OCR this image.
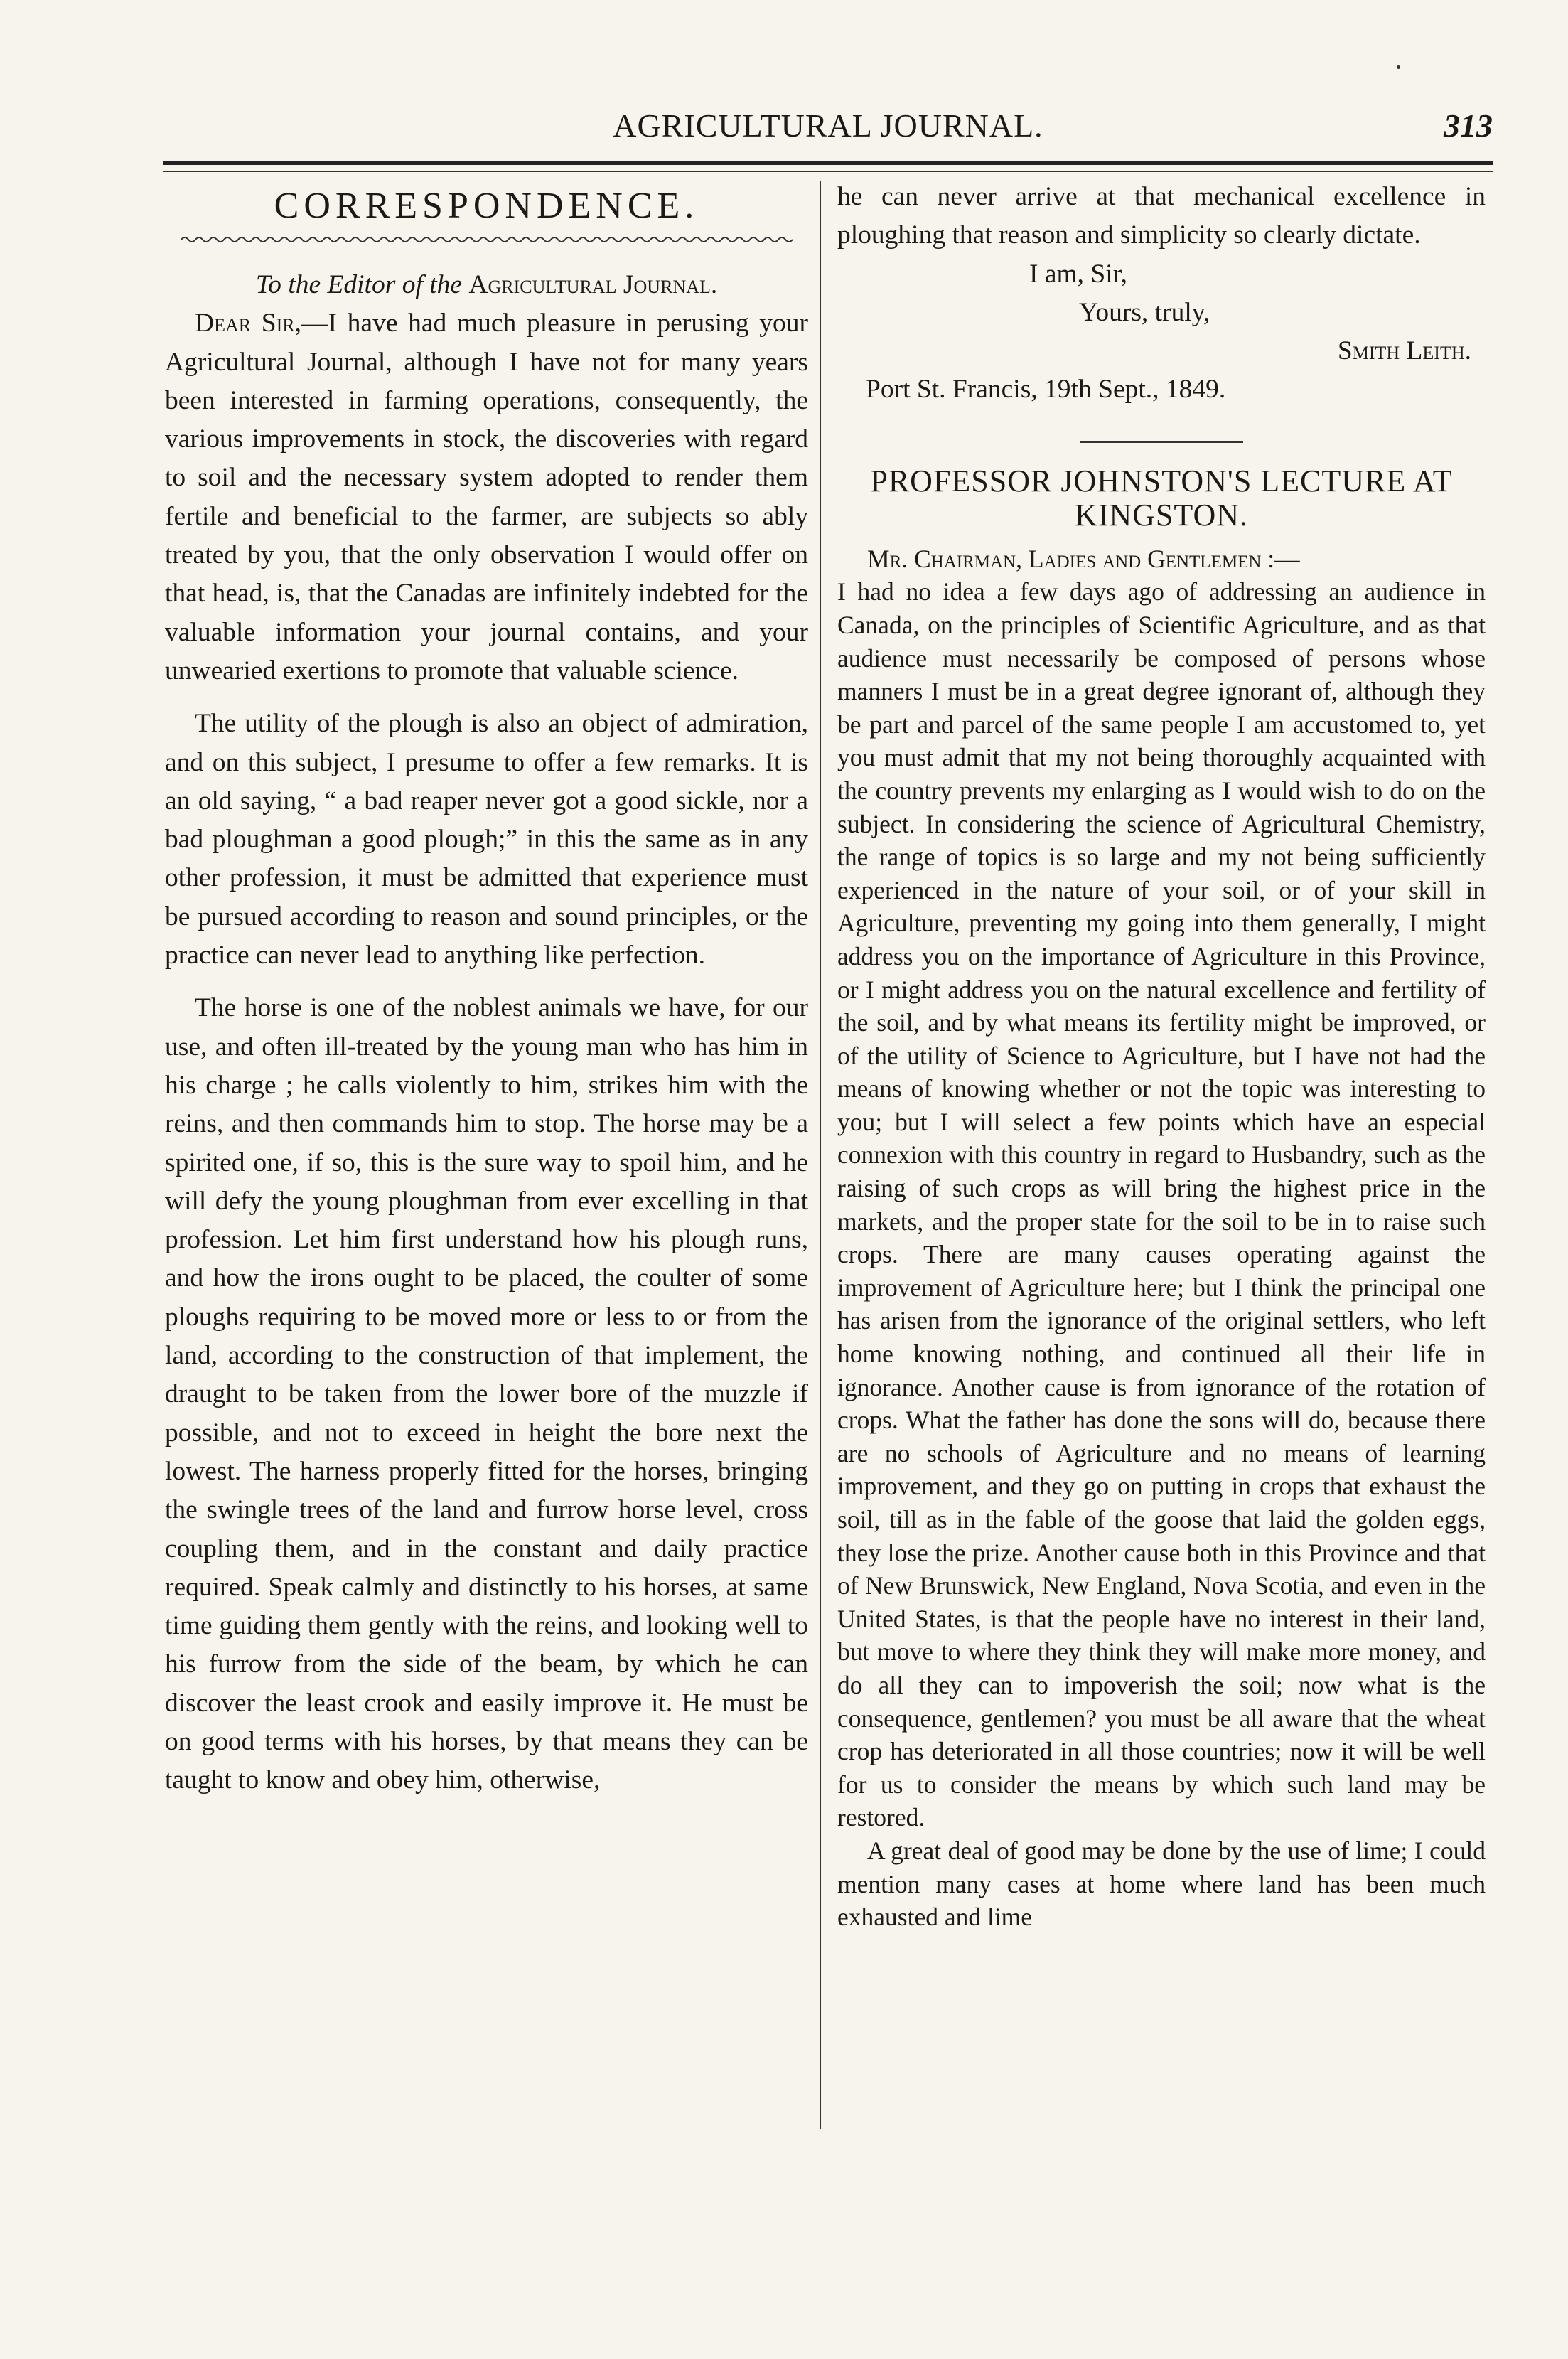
AGRICULTURAL JOURNAL.	313
CORRESPONDENCE.

To the Editor of the Agricultural Journal.

Dear Sir,—I have had much pleasure in perusing your Agricultural Journal, although I have not for many years been interested in farming operations, consequently, the various improvements in stock, the discoveries with regard to soil and the necessary system adopted to render them fertile and beneficial to the farmer, are subjects so ably treated by you, that the only observation I would offer on that head, is, that the Canadas are infinitely indebted for the valuable information your journal contains, and your unwearied exertions to promote that valuable science.

The utility of the plough is also an object of admiration, and on this subject, I presume to offer a few remarks. It is an old saying, “ a bad reaper never got a good sickle, nor a bad ploughman a good plough;” in this the same as in any other profession, it must be admitted that experience must be pursued according to reason and sound principles, or the practice can never lead to anything like perfection.

The horse is one of the noblest animals we have, for our use, and often ill-treated by the young man who has him in his charge ; he calls violently to him, strikes him with the reins, and then commands him to stop. The horse may be a spirited one, if so, this is the sure way to spoil him, and he will defy the young ploughman from ever excelling in that profession. Let him first understand how his plough runs, and how the irons ought to be placed, the coulter of some ploughs requiring to be moved more or less to or from the land, according to the construction of that implement, the draught to be taken from the lower bore of the muzzle if possible, and not to exceed in height the bore next the lowest. The harness properly fitted for the horses, bringing the swingle trees of the land and furrow horse level, cross coupling them, and in the constant and daily practice required. Speak calmly and distinctly to his horses, at same time guiding them gently with the reins, and looking well to his furrow from the side of the beam, by which he can discover the least crook and easily improve it. He must be on good terms with his horses, by that means they can be taught to know and obey him, otherwise,

he can never arrive at that mechanical excellence in ploughing that reason and simplicity so clearly dictate.

I am, Sir,

Yours, truly,

Smith Leith.

Port St. Francis, 19th Sept., 1849.

PROFESSOR JOHNSTON'S LECTURE AT KINGSTON.

Mr. Chairman, Ladies and Gentlemen :—
I had no idea a few days ago of addressing an audience in Canada, on the principles of Scientific Agriculture, and as that audience must necessarily be composed of persons whose manners I must be in a great degree ignorant of, although they be part and parcel of the same people I am accustomed to, yet you must admit that my not being thoroughly acquainted with the country prevents my enlarging as I would wish to do on the subject. In considering the science of Agricultural Chemistry, the range of topics is so large and my not being sufficiently experienced in the nature of your soil, or of your skill in Agriculture, preventing my going into them generally, I might address you on the importance of Agriculture in this Province, or I might address you on the natural excellence and fertility of the soil, and by what means its fertility might be improved, or of the utility of Science to Agriculture, but I have not had the means of knowing whether or not the topic was interesting to you; but I will select a few points which have an especial connexion with this country in regard to Husbandry, such as the raising of such crops as will bring the highest price in the markets, and the proper state for the soil to be in to raise such crops. There are many causes operating against the improvement of Agriculture here; but I think the principal one has arisen from the ignorance of the original settlers, who left home knowing nothing, and continued all their life in ignorance. Another cause is from ignorance of the rotation of crops. What the father has done the sons will do, because there are no schools of Agriculture and no means of learning improvement, and they go on putting in crops that exhaust the soil, till as in the fable of the goose that laid the golden eggs, they lose the prize. Another cause both in this Province and that of New Brunswick, New England, Nova Scotia, and even in the United States, is that the people have no interest in their land, but move to where they think they will make more money, and do all they can to impoverish the soil; now what is the consequence, gentlemen? you must be all aware that the wheat crop has deteriorated in all those countries; now it will be well for us to consider the means by which such land may be restored.

A great deal of good may be done by the use of lime; I could mention many cases at home where land has been much exhausted and lime
